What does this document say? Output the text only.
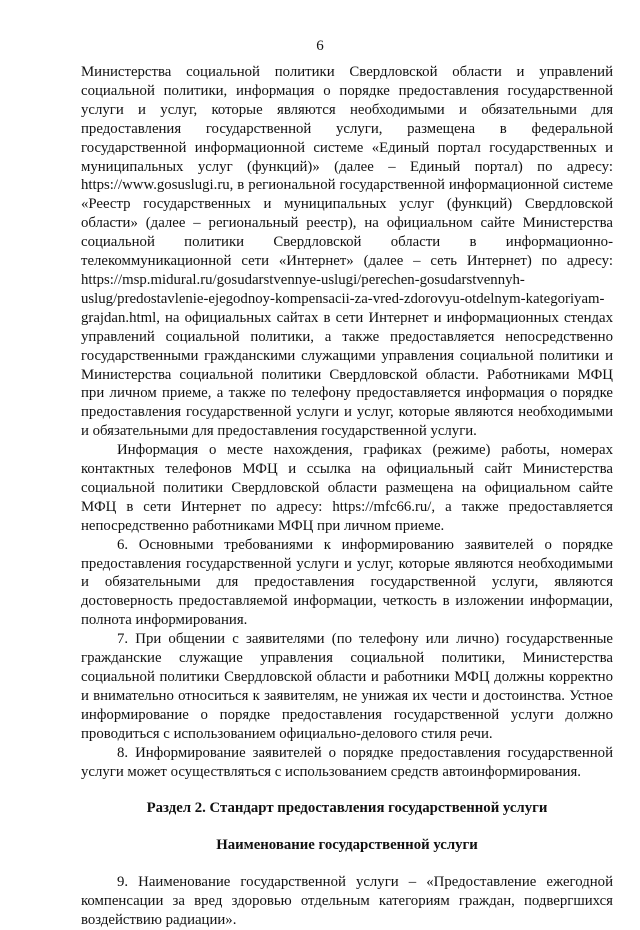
6

Министерства социальной политики Свердловской области и управлений социальной политики, информация о порядке предоставления государственной услуги и услуг, которые являются необходимыми и обязательными для предоставления государственной услуги, размещена в федеральной государственной информационной системе «Единый портал государственных и муниципальных услуг (функций)» (далее – Единый портал) по адресу: https://www.gosuslugi.ru, в региональной государственной информационной системе «Реестр государственных и муниципальных услуг (функций) Свердловской области» (далее – региональный реестр), на официальном сайте Министерства социальной политики Свердловской области в информационно-телекоммуникационной сети «Интернет» (далее – сеть Интернет) по адресу: https://msp.midural.ru/gosudarstvennye-uslugi/perechen-gosudarstvennyh-uslug/predostavlenie-ejegodnoy-kompensacii-za-vred-zdorovyu-otdelnym-kategoriyam-grajdan.html, на официальных сайтах в сети Интернет и информационных стендах управлений социальной политики, а также предоставляется непосредственно государственными гражданскими служащими управления социальной политики и Министерства социальной политики Свердловской области. Работниками МФЦ при личном приеме, а также по телефону предоставляется информация о порядке предоставления государственной услуги и услуг, которые являются необходимыми и обязательными для предоставления государственной услуги.

Информация о месте нахождения, графиках (режиме) работы, номерах контактных телефонов МФЦ и ссылка на официальный сайт Министерства социальной политики Свердловской области размещена на официальном сайте МФЦ в сети Интернет по адресу: https://mfc66.ru/, а также предоставляется непосредственно работниками МФЦ при личном приеме.

6. Основными требованиями к информированию заявителей о порядке предоставления государственной услуги и услуг, которые являются необходимыми и обязательными для предоставления государственной услуги, являются достоверность предоставляемой информации, четкость в изложении информации, полнота информирования.

7. При общении с заявителями (по телефону или лично) государственные гражданские служащие управления социальной политики, Министерства социальной политики Свердловской области и работники МФЦ должны корректно и внимательно относиться к заявителям, не унижая их чести и достоинства. Устное информирование о порядке предоставления государственной услуги должно проводиться с использованием официально-делового стиля речи.

8. Информирование заявителей о порядке предоставления государственной услуги может осуществляться с использованием средств автоинформирования.

Раздел 2. Стандарт предоставления государственной услуги

Наименование государственной услуги

9. Наименование государственной услуги – «Предоставление ежегодной компенсации за вред здоровью отдельным категориям граждан, подвергшихся воздействию радиации».
